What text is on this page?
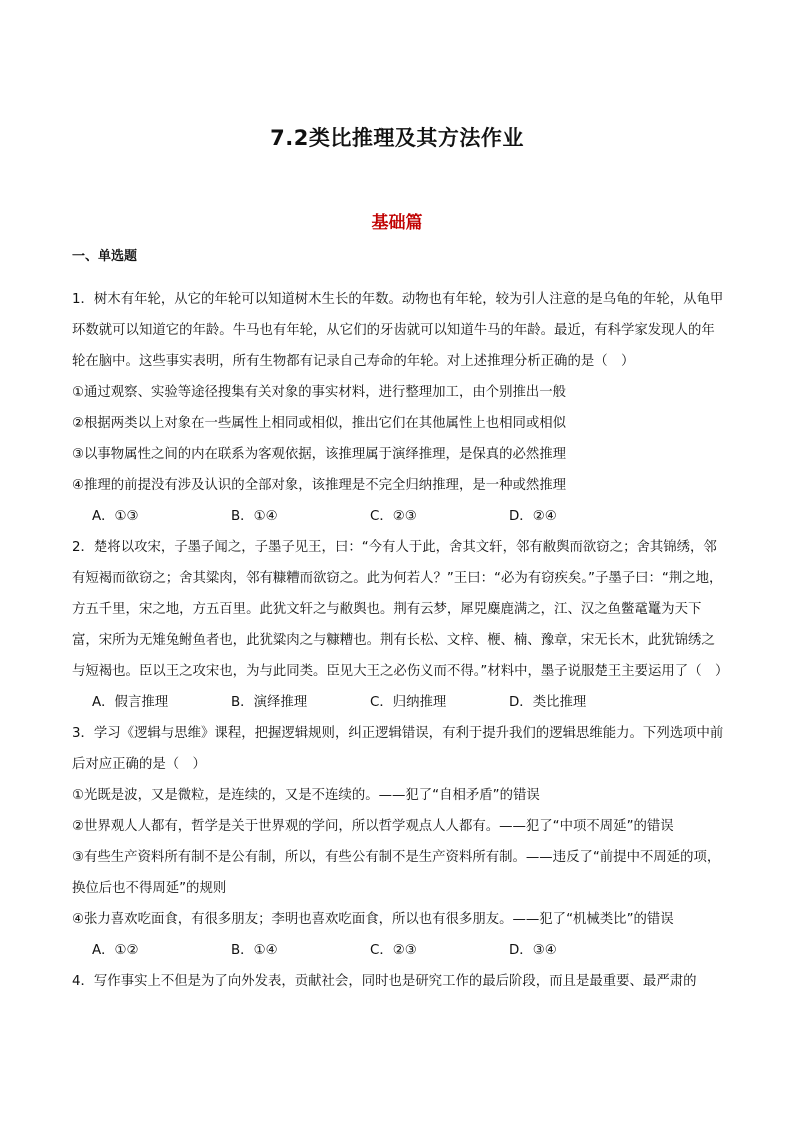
7.2类比推理及其方法作业
基础篇
一、单选题

1．树木有年轮，从它的年轮可以知道树木生长的年数。动物也有年轮，较为引人注意的是乌龟的年轮，从龟甲环数就可以知道它的年龄。牛马也有年轮，从它们的牙齿就可以知道牛马的年龄。最近，有科学家发现人的年轮在脑中。这些事实表明，所有生物都有记录自己寿命的年轮。对上述推理分析正确的是（　）

①通过观察、实验等途径搜集有关对象的事实材料，进行整理加工，由个别推出一般

②根据两类以上对象在一些属性上相同或相似，推出它们在其他属性上也相同或相似

③以事物属性之间的内在联系为客观依据，该推理属于演绎推理，是保真的必然推理

④推理的前提没有涉及认识的全部对象，该推理是不完全归纳推理，是一种或然推理

A．①③	B．①④	C．②③	D．②④

2．楚将以攻宋，子墨子闻之，子墨子见王，曰：“今有人于此，舍其文轩，邻有敝舆而欲窃之；舍其锦绣，邻有短褐而欲窃之；舍其粱肉，邻有糠糟而欲窃之。此为何若人？”王曰：“必为有窃疾矣。”子墨子曰：“荆之地，方五千里，宋之地，方五百里。此犹文轩之与敝舆也。荆有云梦，犀兕麋鹿满之，江、汉之鱼鳖鼋鼍为天下富，宋所为无雉兔鲋鱼者也，此犹粱肉之与糠糟也。荆有长松、文梓、楩、楠、豫章，宋无长木，此犹锦绣之与短褐也。臣以王之攻宋也，为与此同类。臣见大王之必伤义而不得。”材料中，墨子说服楚王主要运用了（　）

A．假言推理	B．演绎推理	C．归纳推理	D．类比推理

3．学习《逻辑与思维》课程，把握逻辑规则，纠正逻辑错误，有利于提升我们的逻辑思维能力。下列选项中前后对应正确的是（　）

①光既是波，又是微粒，是连续的，又是不连续的。——犯了“自相矛盾”的错误

②世界观人人都有，哲学是关于世界观的学问，所以哲学观点人人都有。——犯了“中项不周延”的错误

③有些生产资料所有制不是公有制，所以，有些公有制不是生产资料所有制。——违反了“前提中不周延的项，换位后也不得周延”的规则

④张力喜欢吃面食，有很多朋友；李明也喜欢吃面食，所以也有很多朋友。——犯了“机械类比”的错误

A．①②	B．①④	C．②③	D．③④

4．写作事实上不但是为了向外发表，贡献社会，同时也是研究工作的最后阶段，而且是最重要、最严肃的
